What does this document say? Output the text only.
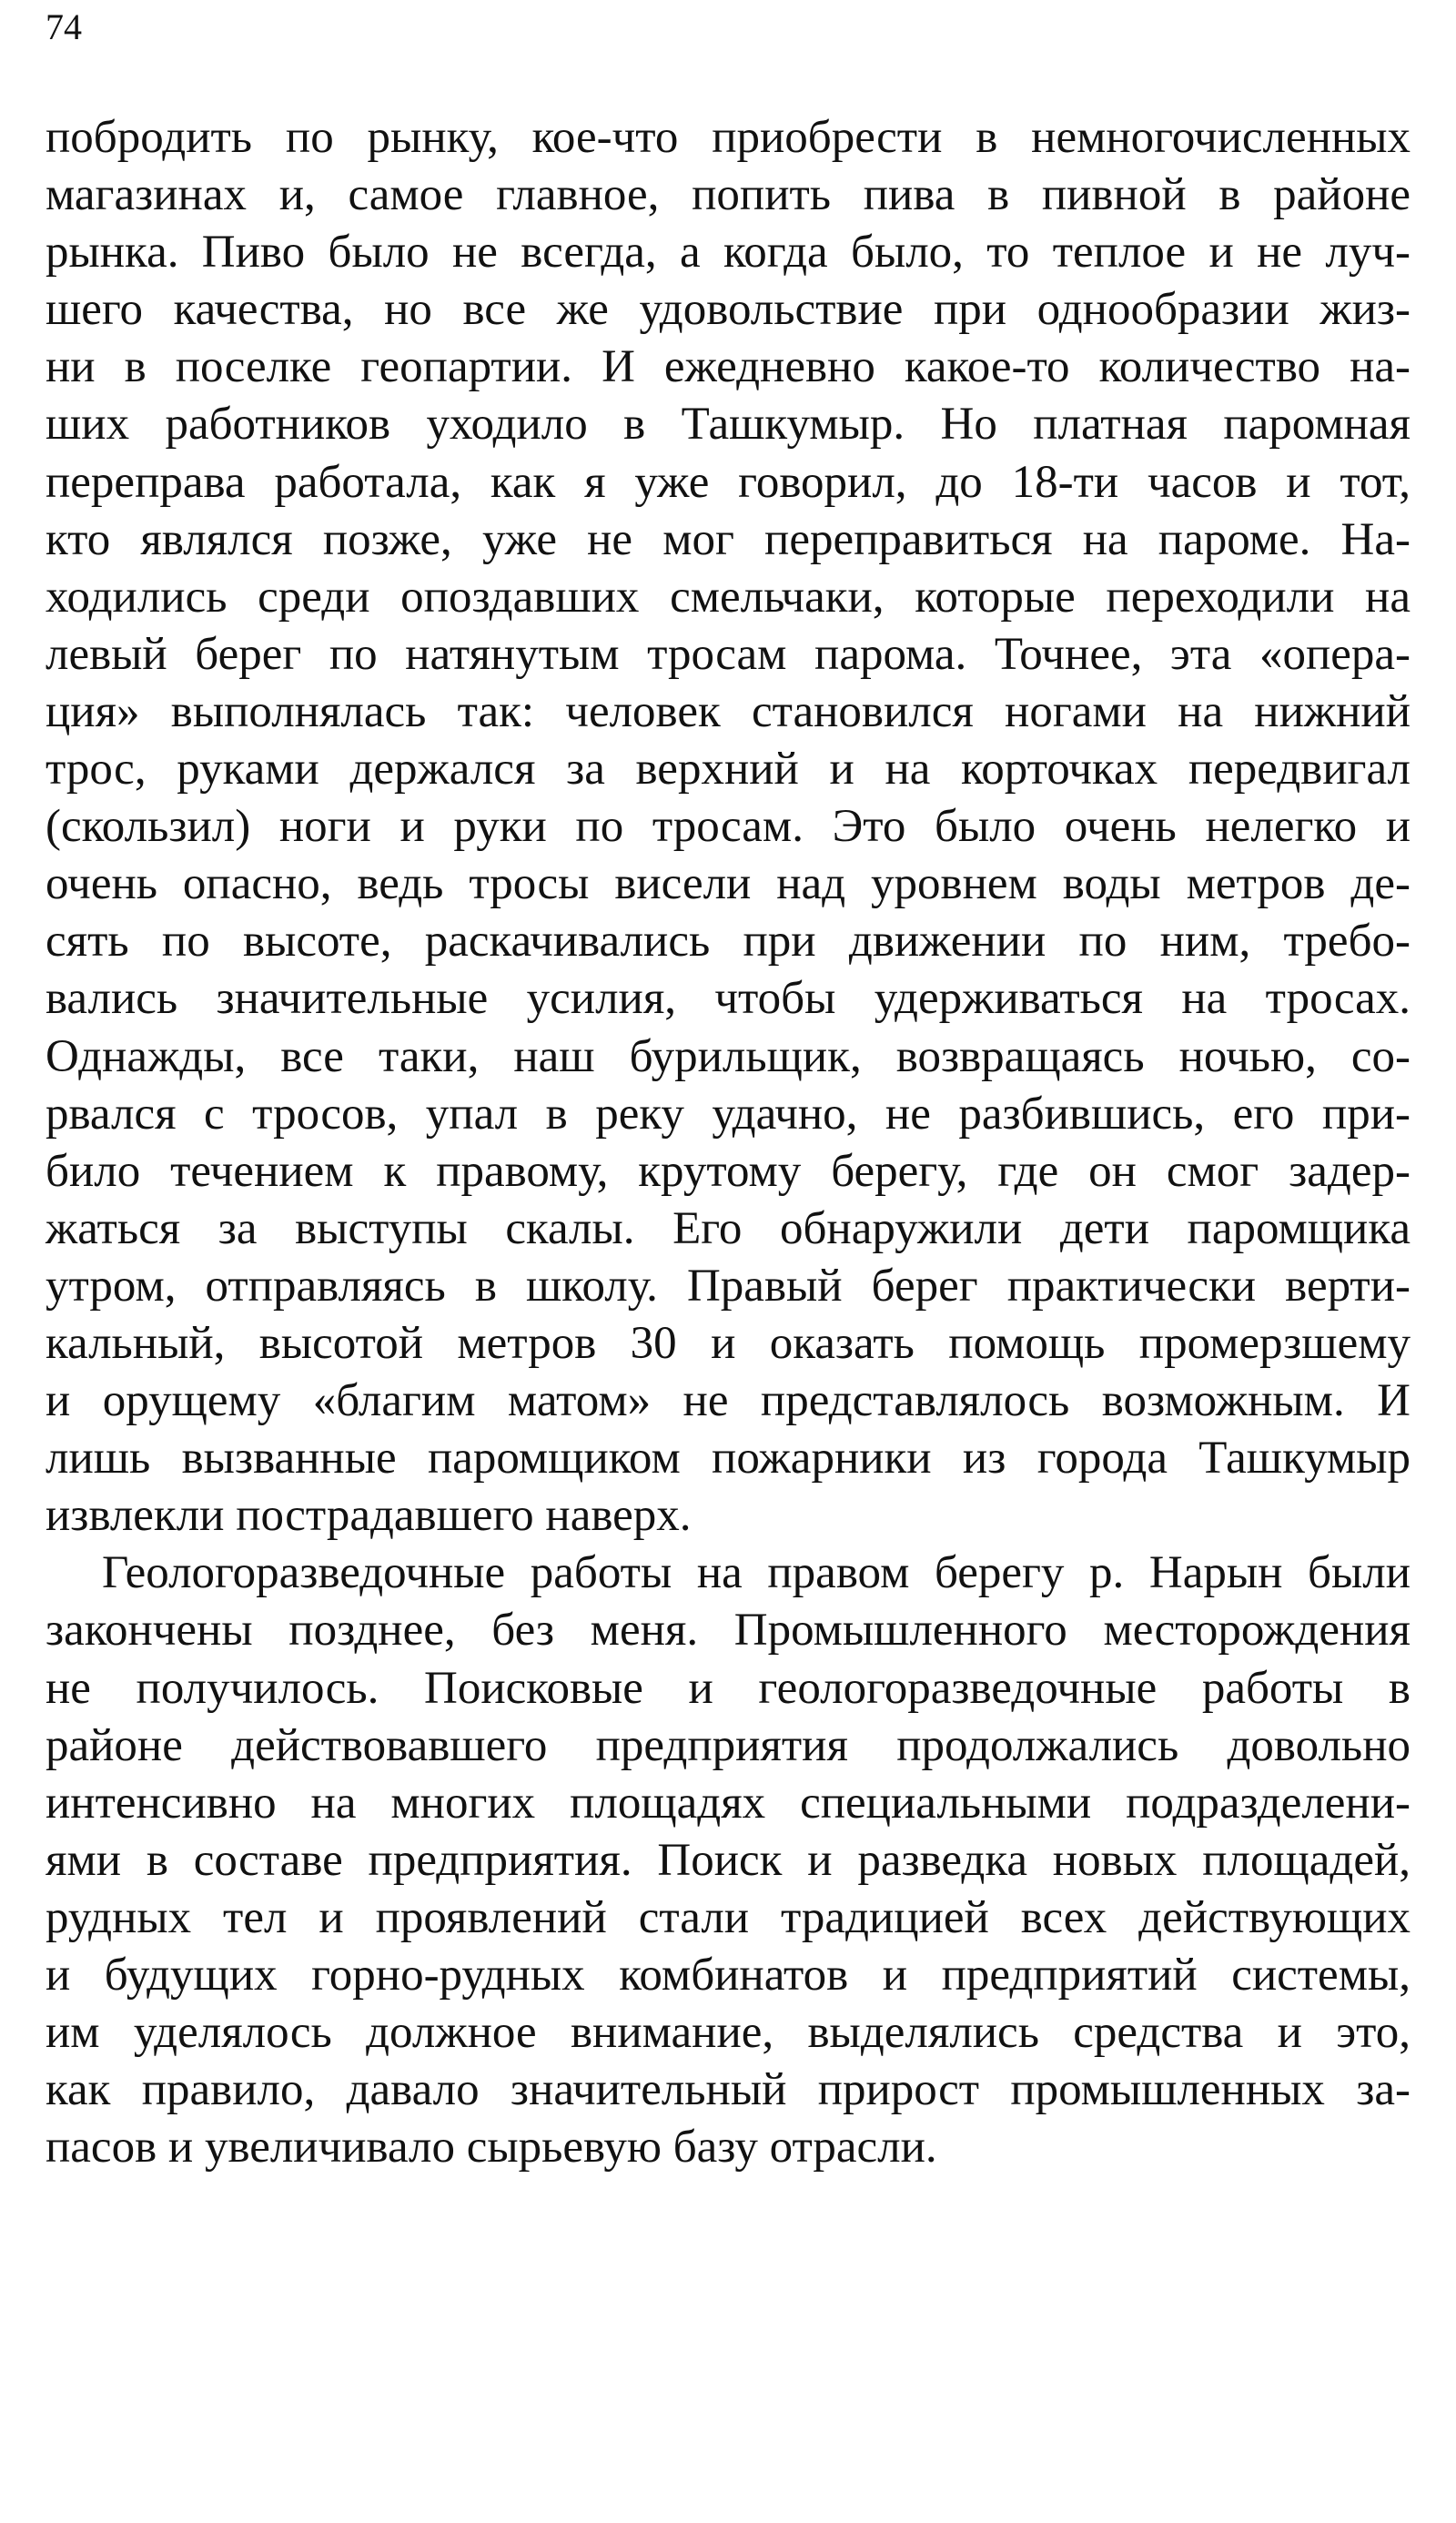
74
побродить по рынку, кое-что приобрести в немногочисленных
магазинах и, самое главное, попить пива в пивной в районе
рынка. Пиво было не всегда, а когда было, то теплое и не луч-
шего качества, но все же удовольствие при однообразии жиз-
ни в поселке геопартии. И ежедневно какое-то количество на-
ших работников уходило в Ташкумыр. Но платная паромная
переправа работала, как я уже говорил, до 18-ти часов и тот,
кто являлся позже, уже не мог переправиться на пароме. На-
ходились среди опоздавших смельчаки, которые переходили на
левый берег по натянутым тросам парома. Точнее, эта «опера-
ция» выполнялась так: человек становился ногами на нижний
трос, руками держался за верхний и на корточках передвигал
(скользил) ноги и руки по тросам. Это было очень нелегко и
очень опасно, ведь тросы висели над уровнем воды метров де-
сять по высоте, раскачивались при движении по ним, требо-
вались значительные усилия, чтобы удерживаться на тросах.
Однажды, все таки, наш бурильщик, возвращаясь ночью, со-
рвался с тросов, упал в реку удачно, не разбившись, его при-
било течением к правому, крутому берегу, где он смог задер-
жаться за выступы скалы. Его обнаружили дети паромщика
утром, отправляясь в школу. Правый берег практически верти-
кальный, высотой метров 30 и оказать помощь промерзшему
и орущему «благим матом» не представлялось возможным. И
лишь вызванные паромщиком пожарники из города Ташкумыр
извлекли пострадавшего наверх.
Геологоразведочные работы на правом берегу р. Нарын были
закончены позднее, без меня. Промышленного месторождения
не получилось. Поисковые и геологоразведочные работы в
районе действовавшего предприятия продолжались довольно
интенсивно на многих площадях специальными подразделени-
ями в составе предприятия. Поиск и разведка новых площадей,
рудных тел и проявлений стали традицией всех действующих
и будущих горно-рудных комбинатов и предприятий системы,
им уделялось должное внимание, выделялись средства и это,
как правило, давало значительный прирост промышленных за-
пасов и увеличивало сырьевую базу отрасли.
